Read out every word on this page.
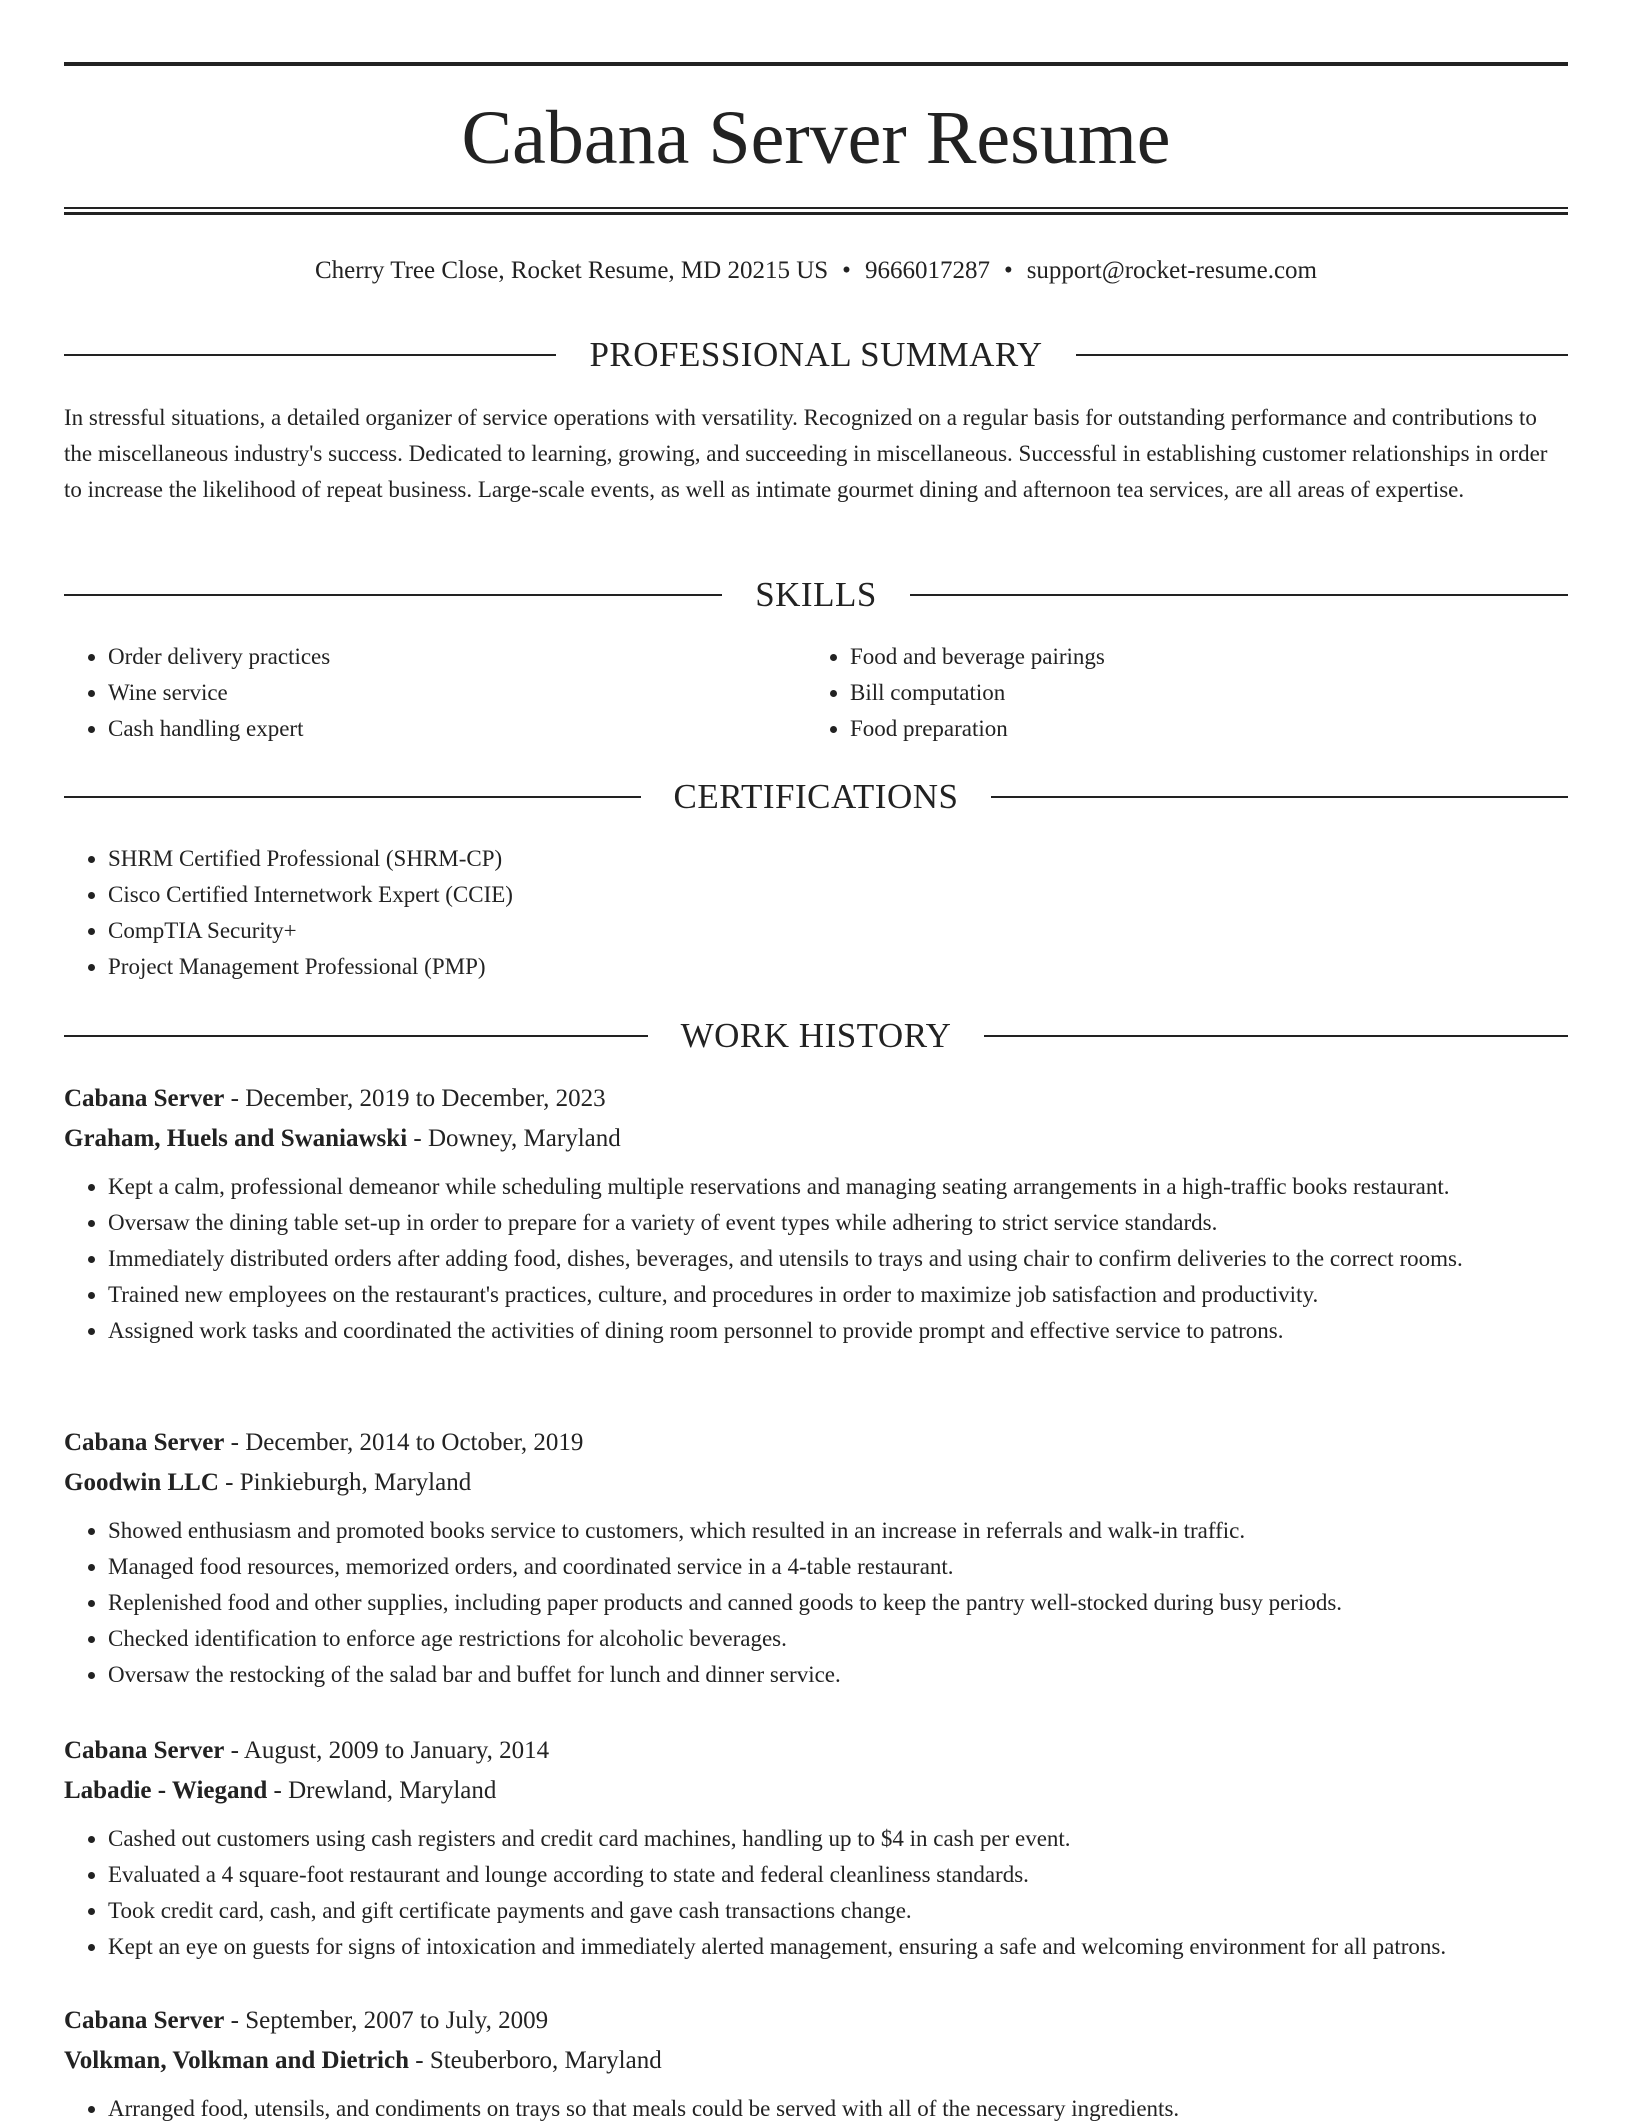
Cabana Server Resume
Cherry Tree Close, Rocket Resume, MD 20215 US • 9666017287 • support@rocket-resume.com
PROFESSIONAL SUMMARY

In stressful situations, a detailed organizer of service operations with versatility. Recognized on a regular basis for outstanding performance and contributions to the miscellaneous industry's success. Dedicated to learning, growing, and succeeding in miscellaneous. Successful in establishing customer relationships in order to increase the likelihood of repeat business. Large-scale events, as well as intimate gourmet dining and afternoon tea services, are all areas of expertise.

SKILLS
• Order delivery practices
• Wine service
• Cash handling expert
• Food and beverage pairings
• Bill computation
• Food preparation
CERTIFICATIONS
• SHRM Certified Professional (SHRM-CP)
• Cisco Certified Internetwork Expert (CCIE)
• CompTIA Security+
• Project Management Professional (PMP)
WORK HISTORY
Cabana Server - December, 2019 to December, 2023
Graham, Huels and Swaniawski - Downey, Maryland
• Kept a calm, professional demeanor while scheduling multiple reservations and managing seating arrangements in a high-traffic books restaurant.
• Oversaw the dining table set-up in order to prepare for a variety of event types while adhering to strict service standards.
• Immediately distributed orders after adding food, dishes, beverages, and utensils to trays and using chair to confirm deliveries to the correct rooms.
• Trained new employees on the restaurant's practices, culture, and procedures in order to maximize job satisfaction and productivity.
• Assigned work tasks and coordinated the activities of dining room personnel to provide prompt and effective service to patrons.
Cabana Server - December, 2014 to October, 2019
Goodwin LLC - Pinkieburgh, Maryland
• Showed enthusiasm and promoted books service to customers, which resulted in an increase in referrals and walk-in traffic.
• Managed food resources, memorized orders, and coordinated service in a 4-table restaurant.
• Replenished food and other supplies, including paper products and canned goods to keep the pantry well-stocked during busy periods.
• Checked identification to enforce age restrictions for alcoholic beverages.
• Oversaw the restocking of the salad bar and buffet for lunch and dinner service.
Cabana Server - August, 2009 to January, 2014
Labadie - Wiegand - Drewland, Maryland
• Cashed out customers using cash registers and credit card machines, handling up to $4 in cash per event.
• Evaluated a 4 square-foot restaurant and lounge according to state and federal cleanliness standards.
• Took credit card, cash, and gift certificate payments and gave cash transactions change.
• Kept an eye on guests for signs of intoxication and immediately alerted management, ensuring a safe and welcoming environment for all patrons.
Cabana Server - September, 2007 to July, 2009
Volkman, Volkman and Dietrich - Steuberboro, Maryland
• Arranged food, utensils, and condiments on trays so that meals could be served with all of the necessary ingredients.
